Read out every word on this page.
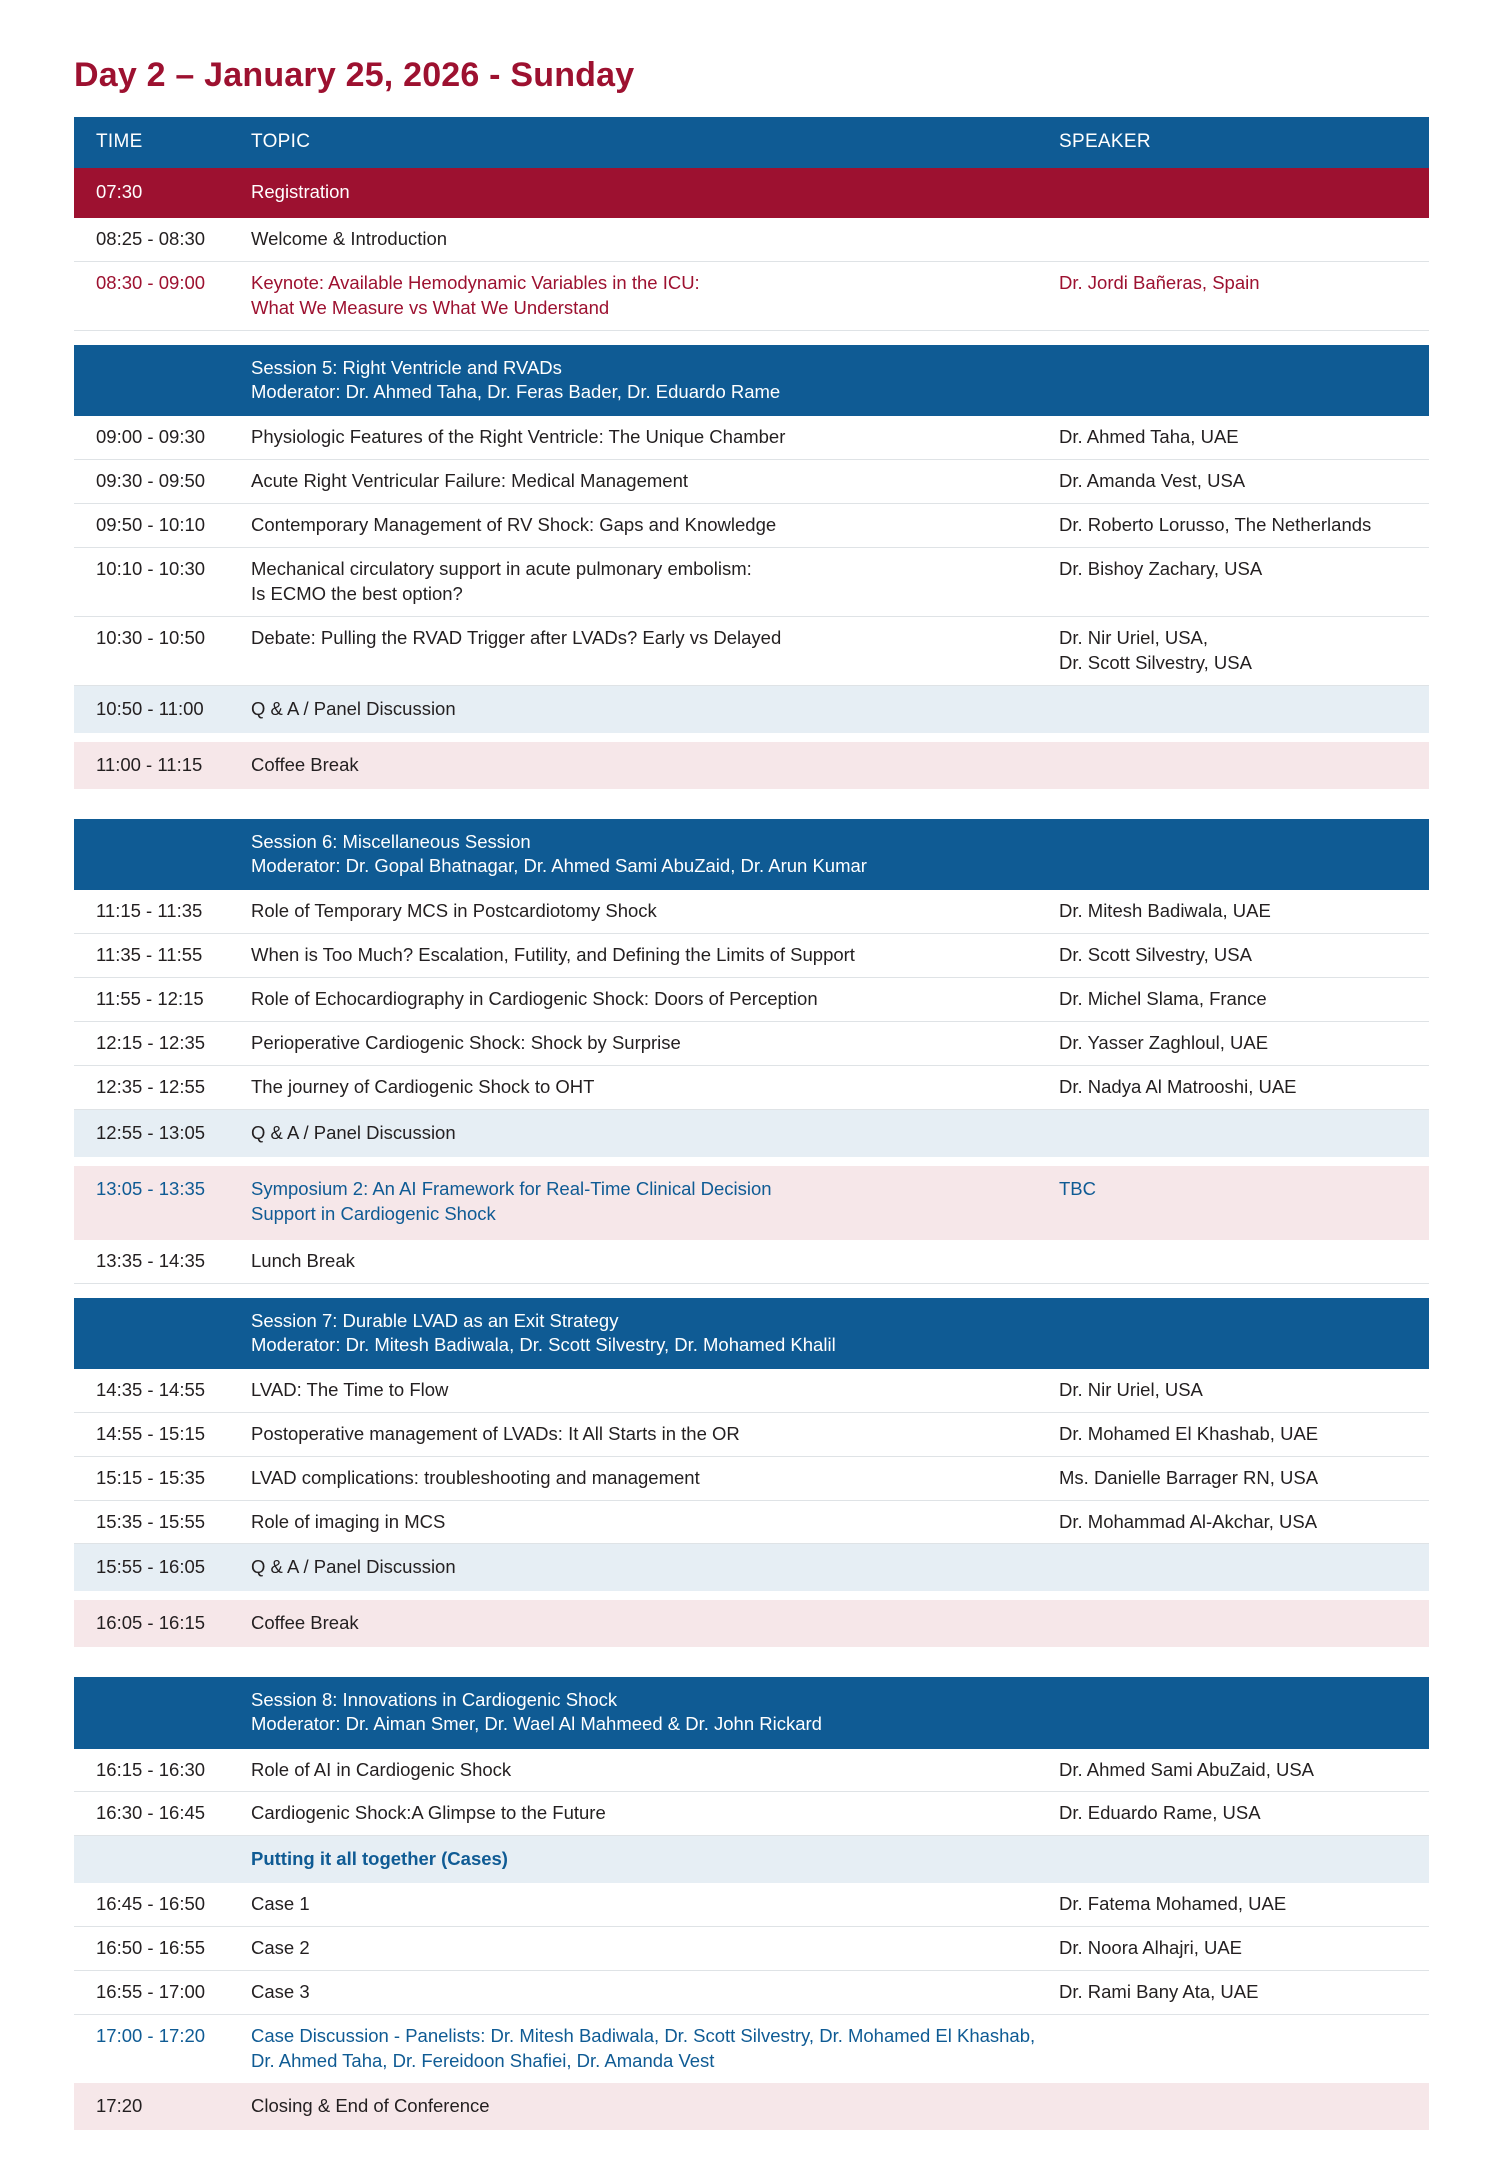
Day 2 – January 25, 2026 - Sunday
TIME	TOPIC	SPEAKER
07:30	Registration	

08:25 - 08:30	Welcome & Introduction	

08:30 - 09:00	Keynote: Available Hemodynamic Variables in the ICU:
What We Measure vs What We Understand	Dr. Jordi Bañeras, Spain

	Session 5: Right Ventricle and RVADs
Moderator: Dr. Ahmed Taha, Dr. Feras Bader, Dr. Eduardo Rame	

09:00 - 09:30	Physiologic Features of the Right Ventricle: The Unique Chamber	Dr. Ahmed Taha, UAE

09:30 - 09:50	Acute Right Ventricular Failure: Medical Management	Dr. Amanda Vest, USA

09:50 - 10:10	Contemporary Management of RV Shock: Gaps and Knowledge	Dr. Roberto Lorusso, The Netherlands

10:10 - 10:30	Mechanical circulatory support in acute pulmonary embolism:
Is ECMO the best option?	Dr. Bishoy Zachary, USA

10:30 - 10:50	Debate: Pulling the RVAD Trigger after LVADs? Early vs Delayed	Dr. Nir Uriel, USA,
Dr. Scott Silvestry, USA

10:50 - 11:00	Q & A / Panel Discussion	

11:00 - 11:15	Coffee Break	

	Session 6: Miscellaneous Session
Moderator: Dr. Gopal Bhatnagar, Dr. Ahmed Sami AbuZaid, Dr. Arun Kumar	

11:15 - 11:35	Role of Temporary MCS in Postcardiotomy Shock	Dr. Mitesh Badiwala, UAE

11:35 - 11:55	When is Too Much? Escalation, Futility, and Defining the Limits of Support	Dr. Scott Silvestry, USA

11:55 - 12:15	Role of Echocardiography in Cardiogenic Shock: Doors of Perception	Dr. Michel Slama, France

12:15 - 12:35	Perioperative Cardiogenic Shock: Shock by Surprise	Dr. Yasser Zaghloul, UAE

12:35 - 12:55	The journey of Cardiogenic Shock to OHT	Dr. Nadya Al Matrooshi, UAE

12:55 - 13:05	Q & A / Panel Discussion	

13:05 - 13:35	Symposium 2: An AI Framework for Real-Time Clinical Decision
Support in Cardiogenic Shock	TBC

13:35 - 14:35	Lunch Break	

	Session 7: Durable LVAD as an Exit Strategy
Moderator: Dr. Mitesh Badiwala, Dr. Scott Silvestry, Dr. Mohamed Khalil	

14:35 - 14:55	LVAD: The Time to Flow	Dr. Nir Uriel, USA

14:55 - 15:15	Postoperative management of LVADs: It All Starts in the OR	Dr. Mohamed El Khashab, UAE

15:15 - 15:35	LVAD complications: troubleshooting and management	Ms. Danielle Barrager RN, USA

15:35 - 15:55	Role of imaging in MCS	Dr. Mohammad Al-Akchar, USA

15:55 - 16:05	Q & A / Panel Discussion	

16:05 - 16:15	Coffee Break	

	Session 8: Innovations in Cardiogenic Shock
Moderator: Dr. Aiman Smer, Dr. Wael Al Mahmeed & Dr. John Rickard	

16:15 - 16:30	Role of AI in Cardiogenic Shock	Dr. Ahmed Sami AbuZaid, USA

16:30 - 16:45	Cardiogenic Shock:A Glimpse to the Future	Dr. Eduardo Rame, USA

	Putting it all together (Cases)	

16:45 - 16:50	Case 1	Dr. Fatema Mohamed, UAE

16:50 - 16:55	Case 2	Dr. Noora Alhajri, UAE

16:55 - 17:00	Case 3	Dr. Rami Bany Ata, UAE

17:00 - 17:20	Case Discussion - Panelists: Dr. Mitesh Badiwala, Dr. Scott Silvestry, Dr. Mohamed El Khashab,
Dr. Ahmed Taha, Dr. Fereidoon Shafiei, Dr. Amanda Vest	

17:20	Closing & End of Conference	
